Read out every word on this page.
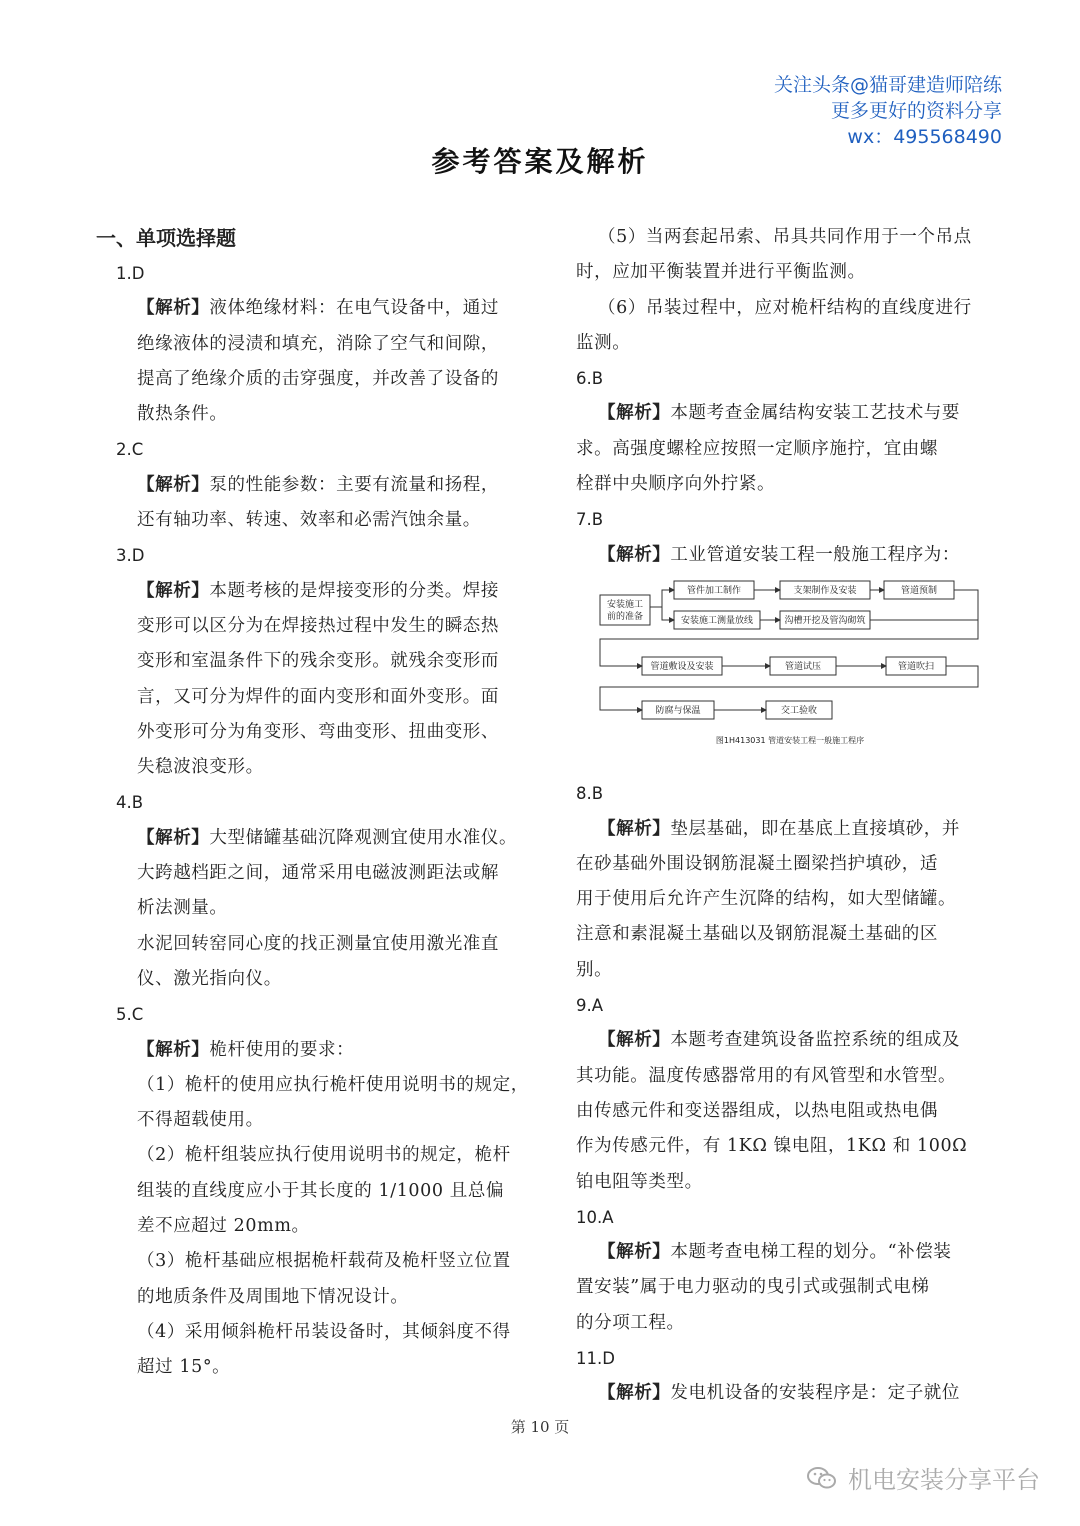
关注头条@猫哥建造师陪练
更多更好的资料分享
wx：495568490
参考答案及解析
一、单项选择题
1.D
【解析】液体绝缘材料：在电气设备中，通过
绝缘液体的浸渍和填充，消除了空气和间隙，
提高了绝缘介质的击穿强度，并改善了设备的
散热条件。
2.C
【解析】泵的性能参数：主要有流量和扬程，
还有轴功率、转速、效率和必需汽蚀余量。
3.D
【解析】本题考核的是焊接变形的分类。焊接
变形可以区分为在焊接热过程中发生的瞬态热
变形和室温条件下的残余变形。就残余变形而
言，又可分为焊件的面内变形和面外变形。面
外变形可分为角变形、弯曲变形、扭曲变形、
失稳波浪变形。
4.B
【解析】大型储罐基础沉降观测宜使用水准仪。
大跨越档距之间，通常采用电磁波测距法或解
析法测量。
水泥回转窑同心度的找正测量宜使用激光准直
仪、激光指向仪。
5.C
【解析】桅杆使用的要求：
（1）桅杆的使用应执行桅杆使用说明书的规定，
不得超载使用。
（2）桅杆组装应执行使用说明书的规定，桅杆
组装的直线度应小于其长度的 1/1000 且总偏
差不应超过 20mm。
（3）桅杆基础应根据桅杆载荷及桅杆竖立位置
的地质条件及周围地下情况设计。
（4）采用倾斜桅杆吊装设备时，其倾斜度不得
超过 15°。
（5）当两套起吊索、吊具共同作用于一个吊点
时，应加平衡装置并进行平衡监测。
（6）吊装过程中，应对桅杆结构的直线度进行
监测。
6.B
【解析】本题考查金属结构安装工艺技术与要
求。高强度螺栓应按照一定顺序施拧，宜由螺
栓群中央顺序向外拧紧。
7.B
【解析】工业管道安装工程一般施工程序为：
安装施工
前的准备
管件加工制作	支架制作及安装	管道预制
安装施工测量放线	沟槽开挖及管沟砌筑
管道敷设及安装	管道试压	管道吹扫
防腐与保温	交工验收
图1H413031 管道安装工程一般施工程序
8.B
【解析】垫层基础，即在基底上直接填砂，并
在砂基础外围设钢筋混凝土圈梁挡护填砂，适
用于使用后允许产生沉降的结构，如大型储罐。
注意和素混凝土基础以及钢筋混凝土基础的区
别。
9.A
【解析】本题考查建筑设备监控系统的组成及
其功能。温度传感器常用的有风管型和水管型。
由传感元件和变送器组成，以热电阻或热电偶
作为传感元件，有 1KΩ 镍电阻，1KΩ 和 100Ω
铂电阻等类型。
10.A
【解析】本题考查电梯工程的划分。“补偿装
置安装”属于电力驱动的曳引式或强制式电梯
的分项工程。
11.D
【解析】发电机设备的安装程序是：定子就位
第 10 页
机电安装分享平台
